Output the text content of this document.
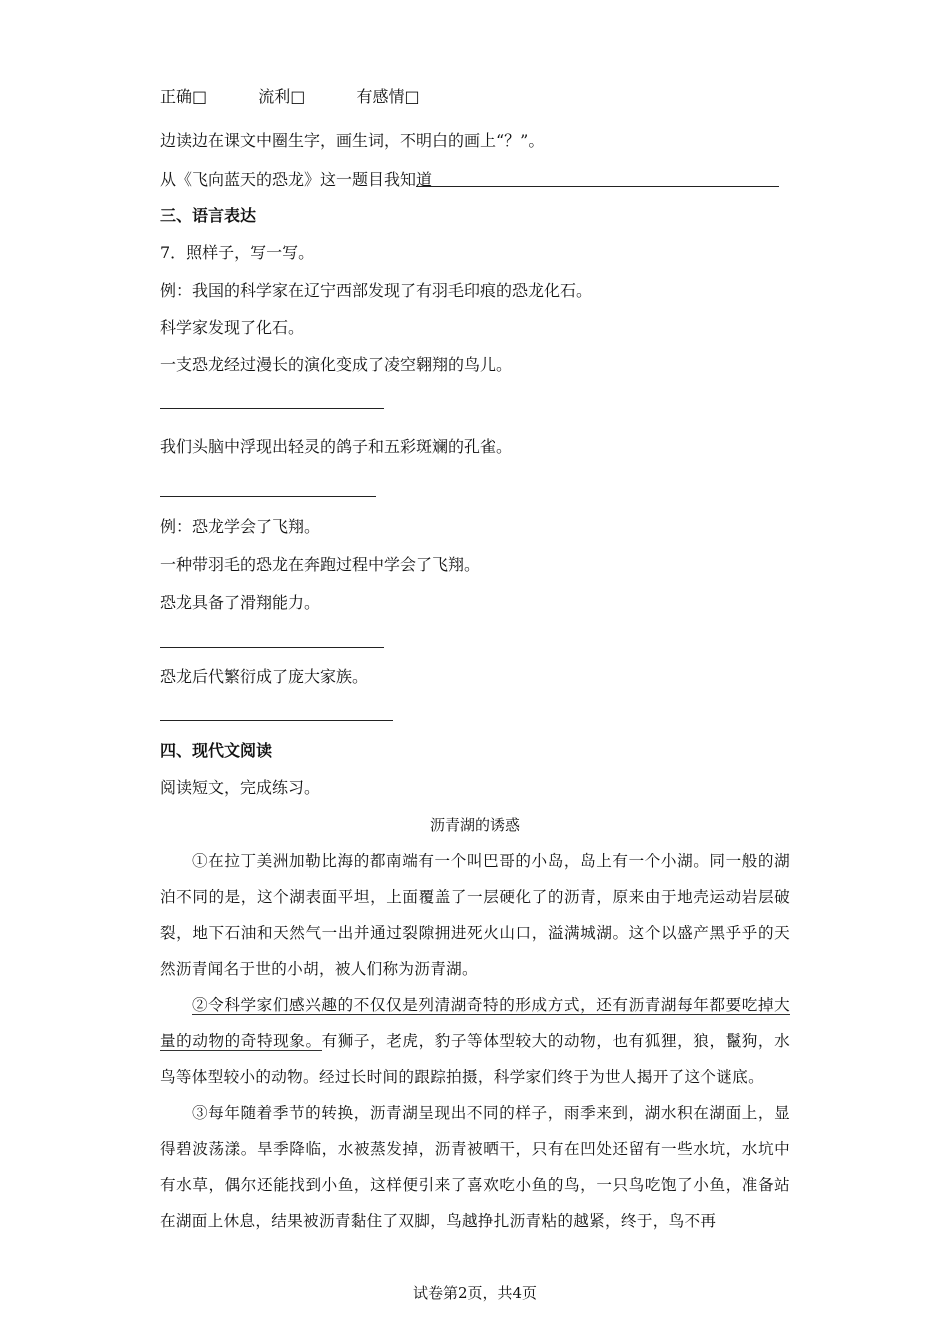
正确□	流利□	有感情□
边读边在课文中圈生字，画生词，不明白的画上“？”。
从《飞向蓝天的恐龙》这一题目我知道
三、语言表达
7．照样子，写一写。
例：我国的科学家在辽宁西部发现了有羽毛印痕的恐龙化石。
科学家发现了化石。
一支恐龙经过漫长的演化变成了凌空翱翔的鸟儿。
我们头脑中浮现出轻灵的鸽子和五彩斑斓的孔雀。
例：恐龙学会了飞翔。
一种带羽毛的恐龙在奔跑过程中学会了飞翔。
恐龙具备了滑翔能力。
恐龙后代繁衍成了庞大家族。
四、现代文阅读
阅读短文，完成练习。
沥青湖的诱惑

①在拉丁美洲加勒比海的都南端有一个叫巴哥的小岛，岛上有一个小湖。同一般的湖泊不同的是，这个湖表面平坦，上面覆盖了一层硬化了的沥青，原来由于地壳运动岩层破裂，地下石油和天然气一出并通过裂隙拥进死火山口，溢满城湖。这个以盛产黑乎乎的天然沥青闻名于世的小胡，被人们称为沥青湖。

②令科学家们感兴趣的不仅仅是列清湖奇特的形成方式，还有沥青湖每年都要吃掉大量的动物的奇特现象。有狮子，老虎，豹子等体型较大的动物，也有狐狸，狼，鬣狗，水鸟等体型较小的动物。经过长时间的跟踪拍摄，科学家们终于为世人揭开了这个谜底。

③每年随着季节的转换，沥青湖呈现出不同的样子，雨季来到，湖水积在湖面上，显得碧波荡漾。旱季降临，水被蒸发掉，沥青被晒干，只有在凹处还留有一些水坑，水坑中有水草，偶尔还能找到小鱼，这样便引来了喜欢吃小鱼的鸟，一只鸟吃饱了小鱼，准备站在湖面上休息，结果被沥青黏住了双脚，鸟越挣扎沥青粘的越紧，终于，鸟不再

试卷第2页，共4页
